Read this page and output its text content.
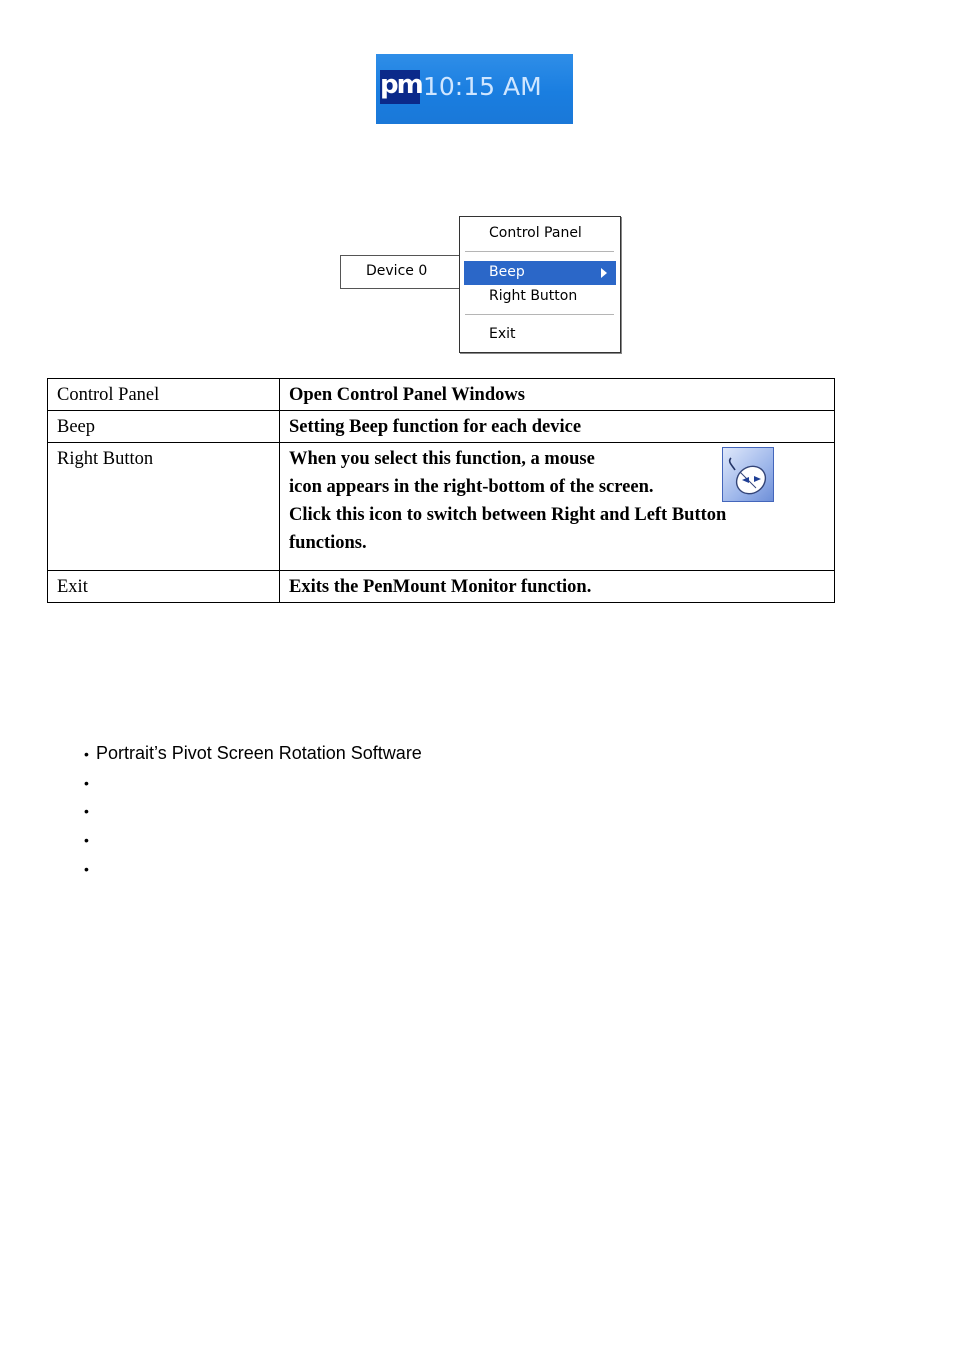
pm 10:15 AM
Device 0
Control Panel
Beep
Right Button
Exit
Control Panel	Open Control Panel Windows
Beep	Setting Beep function for each device
Right Button	When you select this function, a mouse
icon appears in the right-bottom of the screen.
Click this icon to switch between Right and Left Button
functions.

Exit	Exits the PenMount Monitor function.
• Portrait’s Pivot Screen Rotation Software
•
•
•
•
